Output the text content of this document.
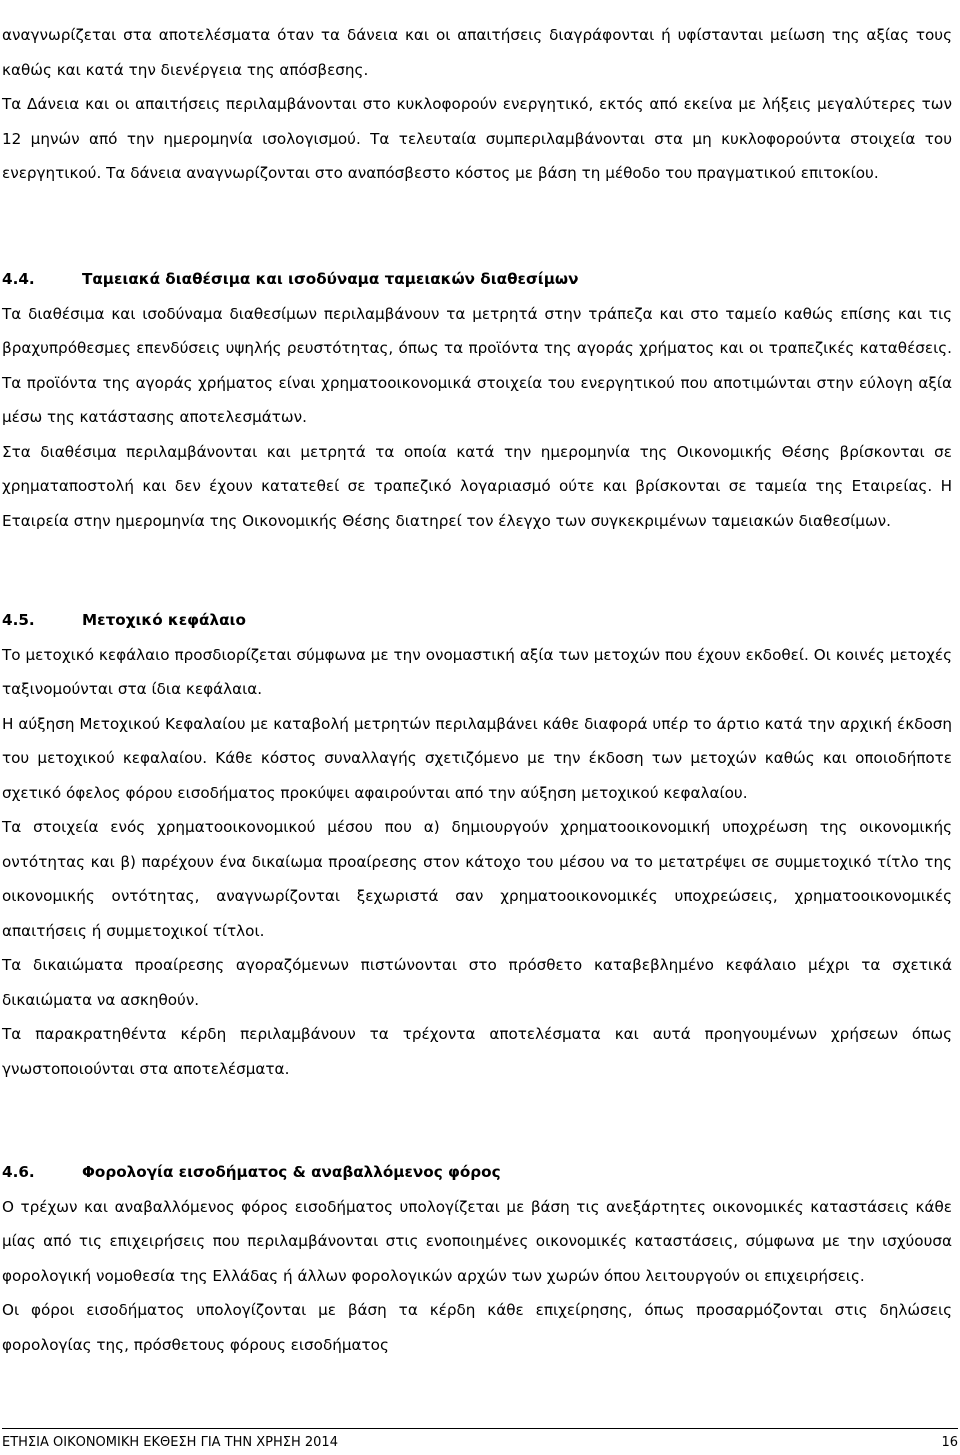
αναγνωρίζεται στα αποτελέσματα όταν τα δάνεια και οι απαιτήσεις διαγράφονται ή υφίστανται μείωση της αξίας τους καθώς και κατά την διενέργεια της απόσβεσης.

Τα Δάνεια και οι απαιτήσεις περιλαμβάνονται στο κυκλοφορούν ενεργητικό, εκτός από εκείνα με λήξεις μεγαλύτερες των 12 μηνών από την ημερομηνία ισολογισμού. Τα τελευταία συμπεριλαμβάνονται στα μη κυκλοφορούντα στοιχεία του ενεργητικού. Τα δάνεια αναγνωρίζονται στο αναπόσβεστο κόστος με βάση τη μέθοδο του πραγματικού επιτοκίου.

4.4.	Ταμειακά διαθέσιμα και ισοδύναμα ταμειακών διαθεσίμων

Τα διαθέσιμα και ισοδύναμα διαθεσίμων περιλαμβάνουν τα μετρητά στην τράπεζα και στο ταμείο καθώς επίσης και τις βραχυπρόθεσμες επενδύσεις υψηλής ρευστότητας, όπως τα προϊόντα της αγοράς χρήματος και οι τραπεζικές καταθέσεις. Τα προϊόντα της αγοράς χρήματος είναι χρηματοοικονομικά στοιχεία του ενεργητικού που αποτιμώνται στην εύλογη αξία μέσω της κατάστασης αποτελεσμάτων.

Στα διαθέσιμα περιλαμβάνονται και μετρητά τα οποία κατά την ημερομηνία της Οικονομικής Θέσης βρίσκονται σε χρηματαποστολή και δεν έχουν κατατεθεί σε τραπεζικό λογαριασμό ούτε και βρίσκονται σε ταμεία της Εταιρείας. Η Εταιρεία στην ημερομηνία της Οικονομικής Θέσης διατηρεί τον έλεγχο των συγκεκριμένων ταμειακών διαθεσίμων.

4.5.	Μετοχικό κεφάλαιο

Το μετοχικό κεφάλαιο προσδιορίζεται σύμφωνα με την ονομαστική αξία των μετοχών που έχουν εκδοθεί. Οι κοινές μετοχές ταξινομούνται στα ίδια κεφάλαια.

Η αύξηση Μετοχικού Κεφαλαίου με καταβολή μετρητών περιλαμβάνει κάθε διαφορά υπέρ το άρτιο κατά την αρχική έκδοση του μετοχικού κεφαλαίου. Κάθε κόστος συναλλαγής σχετιζόμενο με την έκδοση των μετοχών καθώς και οποιοδήποτε σχετικό όφελος φόρου εισοδήματος προκύψει αφαιρούνται από την αύξηση μετοχικού κεφαλαίου.

Τα στοιχεία ενός χρηματοοικονομικού μέσου που α) δημιουργούν χρηματοοικονομική υποχρέωση της οικονομικής οντότητας και β) παρέχουν ένα δικαίωμα προαίρεσης στον κάτοχο του μέσου να το μετατρέψει σε συμμετοχικό τίτλο της οικονομικής οντότητας, αναγνωρίζονται ξεχωριστά σαν χρηματοοικονομικές υποχρεώσεις, χρηματοοικονομικές απαιτήσεις ή συμμετοχικοί τίτλοι.

Τα δικαιώματα προαίρεσης αγοραζόμενων πιστώνονται στο πρόσθετο καταβεβλημένο κεφάλαιο μέχρι τα σχετικά δικαιώματα να ασκηθούν.

Τα παρακρατηθέντα κέρδη περιλαμβάνουν τα τρέχοντα αποτελέσματα και αυτά προηγουμένων χρήσεων όπως γνωστοποιούνται στα αποτελέσματα.

4.6.	Φορολογία εισοδήματος & αναβαλλόμενος φόρος

Ο τρέχων και αναβαλλόμενος φόρος εισοδήματος υπολογίζεται με βάση τις ανεξάρτητες οικονομικές καταστάσεις κάθε μίας από τις επιχειρήσεις που περιλαμβάνονται στις ενοποιημένες οικονομικές καταστάσεις, σύμφωνα με την ισχύουσα φορολογική νομοθεσία της Ελλάδας ή άλλων φορολογικών αρχών των χωρών όπου λειτουργούν οι επιχειρήσεις.

Οι φόροι εισοδήματος υπολογίζονται με βάση τα κέρδη κάθε επιχείρησης, όπως προσαρμόζονται στις δηλώσεις φορολογίας της, πρόσθετους φόρους εισοδήματος

ΕΤΗΣΙΑ ΟΙΚΟΝΟΜΙΚΗ ΕΚΘΕΣΗ ΓΙΑ ΤΗΝ ΧΡΗΣΗ 2014	16
